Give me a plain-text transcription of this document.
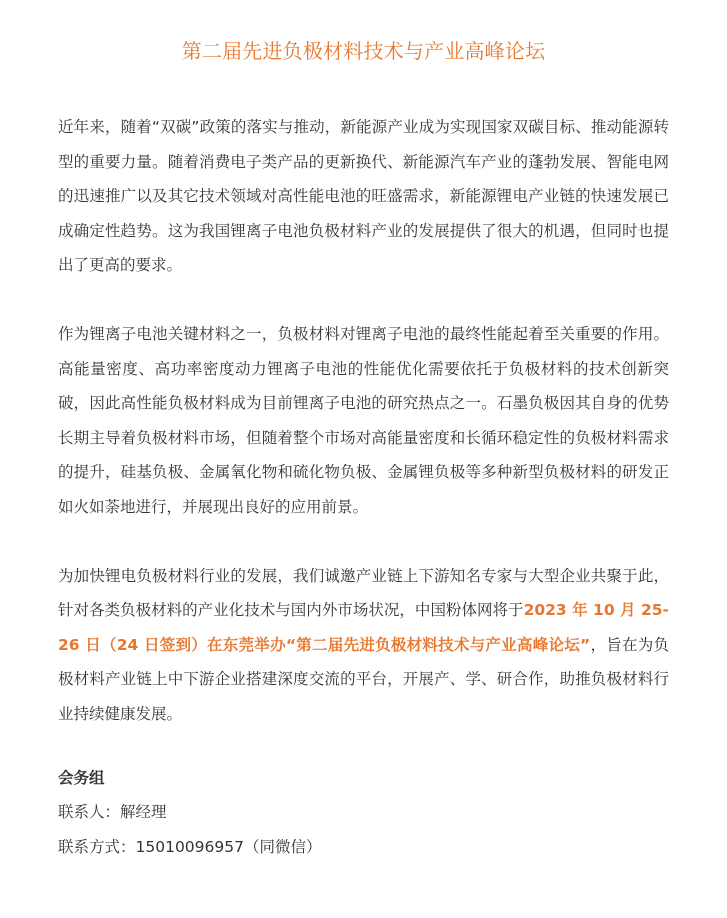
第二届先进负极材料技术与产业高峰论坛

近年来，随着“双碳”政策的落实与推动，新能源产业成为实现国家双碳目标、推动能源转型的重要力量。随着消费电子类产品的更新换代、新能源汽车产业的蓬勃发展、智能电网的迅速推广以及其它技术领域对高性能电池的旺盛需求，新能源锂电产业链的快速发展已成确定性趋势。这为我国锂离子电池负极材料产业的发展提供了很大的机遇，但同时也提出了更高的要求。

作为锂离子电池关键材料之一，负极材料对锂离子电池的最终性能起着至关重要的作用。高能量密度、高功率密度动力锂离子电池的性能优化需要依托于负极材料的技术创新突破，因此高性能负极材料成为目前锂离子电池的研究热点之一。石墨负极因其自身的优势长期主导着负极材料市场，但随着整个市场对高能量密度和长循环稳定性的负极材料需求的提升，硅基负极、金属氧化物和硫化物负极、金属锂负极等多种新型负极材料的研发正如火如荼地进行，并展现出良好的应用前景。

为加快锂电负极材料行业的发展，我们诚邀产业链上下游知名专家与大型企业共聚于此， 针对各类负极材料的产业化技术与国内外市场状况，中国粉体网将于2023 年 10 月 25-26 日（24 日签到）在东莞举办“第二届先进负极材料技术与产业高峰论坛”，旨在为负极材料产业链上中下游企业搭建深度交流的平台，开展产、学、研合作，助推负极材料行业持续健康发展。

会务组

联系人：解经理

联系方式：15010096957（同微信）
